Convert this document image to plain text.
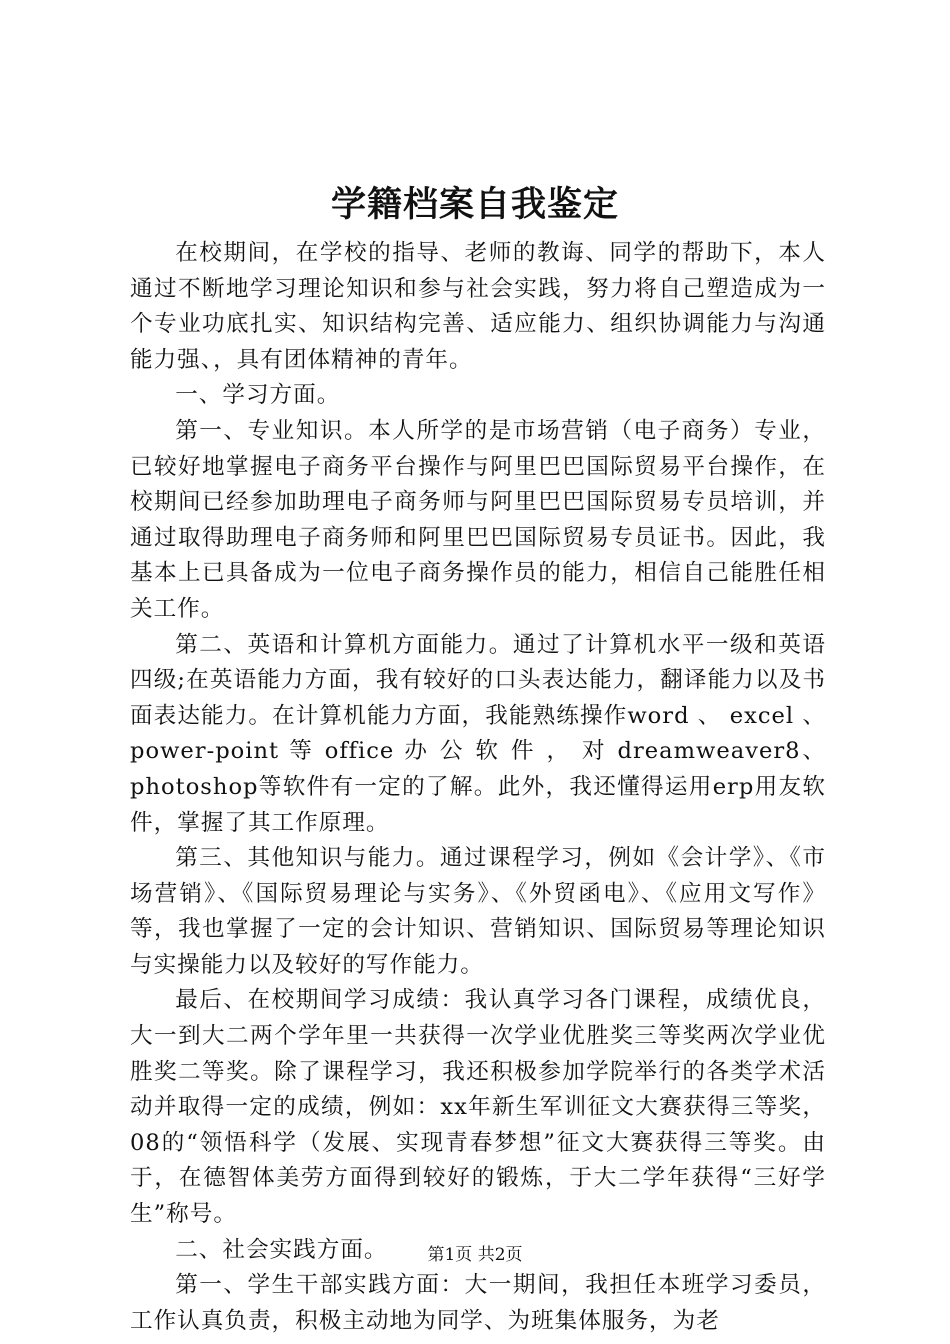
学籍档案自我鉴定

在校期间，在学校的指导、老师的教诲、同学的帮助下，本人通过不断地学习理论知识和参与社会实践，努力将自己塑造成为一个专业功底扎实、知识结构完善、适应能力、组织协调能力与沟通能力强、，具有团体精神的青年。

一、学习方面。

第一、专业知识。本人所学的是市场营销（电子商务）专业，已较好地掌握电子商务平台操作与阿里巴巴国际贸易平台操作，在校期间已经参加助理电子商务师与阿里巴巴国际贸易专员培训，并通过取得助理电子商务师和阿里巴巴国际贸易专员证书。因此，我基本上已具备成为一位电子商务操作员的能力，相信自己能胜任相关工作。

第二、英语和计算机方面能力。通过了计算机水平一级和英语四级;在英语能力方面，我有较好的口头表达能力，翻译能力以及书面表达能力。在计算机能力方面，我能熟练操作word 、 excel 、 power-point 等 office 办 公 软 件 ， 对 dreamweaver8、photoshop等软件有一定的了解。此外，我还懂得运用erp用友软件，掌握了其工作原理。

第三、其他知识与能力。通过课程学习，例如《会计学》、《市场营销》、《国际贸易理论与实务》、《外贸函电》、《应用文写作》等，我也掌握了一定的会计知识、营销知识、国际贸易等理论知识与实操能力以及较好的写作能力。

最后、在校期间学习成绩：我认真学习各门课程，成绩优良，大一到大二两个学年里一共获得一次学业优胜奖三等奖两次学业优胜奖二等奖。除了课程学习，我还积极参加学院举行的各类学术活动并取得一定的成绩，例如：xx年新生军训征文大赛获得三等奖，08的“领悟科学（发展、实现青春梦想”征文大赛获得三等奖。由于，在德智体美劳方面得到较好的锻炼，于大二学年获得“三好学生”称号。

二、社会实践方面。

第一、学生干部实践方面：大一期间，我担任本班学习委员，工作认真负责，积极主动地为同学、为班集体服务，为老

第1页 共2页
